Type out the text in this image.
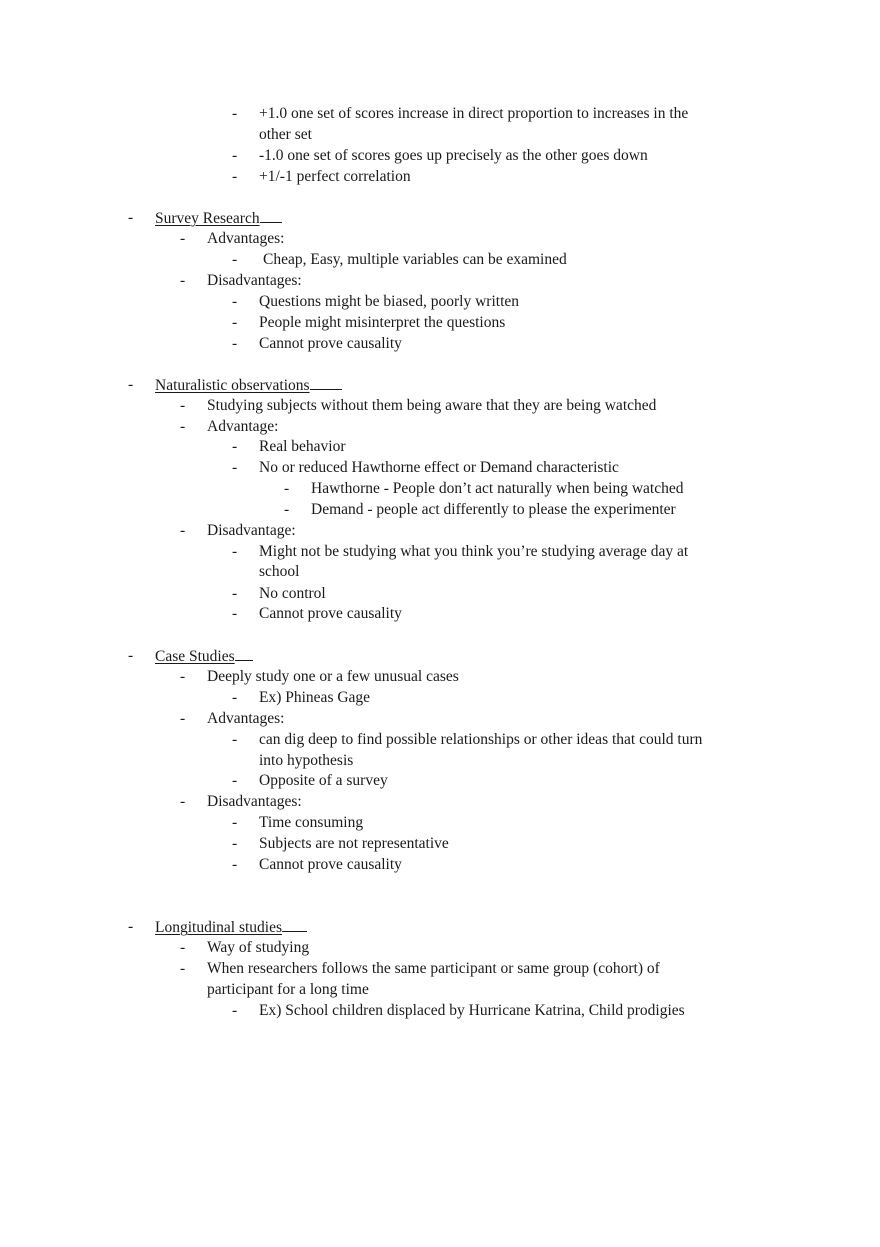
-	+1.0 one set of scores increase in direct proportion to increases in the
other set
-	-1.0 one set of scores goes up precisely as the other goes down
-	+1/-1 perfect correlation
-	Survey Research
-	Advantages:
-	Cheap, Easy, multiple variables can be examined
-	Disadvantages:
-	Questions might be biased, poorly written
-	People might misinterpret the questions
-	Cannot prove causality
-	Naturalistic observations
-	Studying subjects without them being aware that they are being watched
-	Advantage:
-	Real behavior
-	No or reduced Hawthorne effect or Demand characteristic
-	Hawthorne - People don’t act naturally when being watched
-	Demand - people act differently to please the experimenter
-	Disadvantage:
-	Might not be studying what you think you’re studying average day at
school
-	No control
-	Cannot prove causality
-	Case Studies
-	Deeply study one or a few unusual cases
-	Ex) Phineas Gage
-	Advantages:
-	can dig deep to find possible relationships or other ideas that could turn
into hypothesis
-	Opposite of a survey
-	Disadvantages:
-	Time consuming
-	Subjects are not representative
-	Cannot prove causality
-	Longitudinal studies
-	Way of studying
-	When researchers follows the same participant or same group (cohort) of
participant for a long time
-	Ex) School children displaced by Hurricane Katrina, Child prodigies
